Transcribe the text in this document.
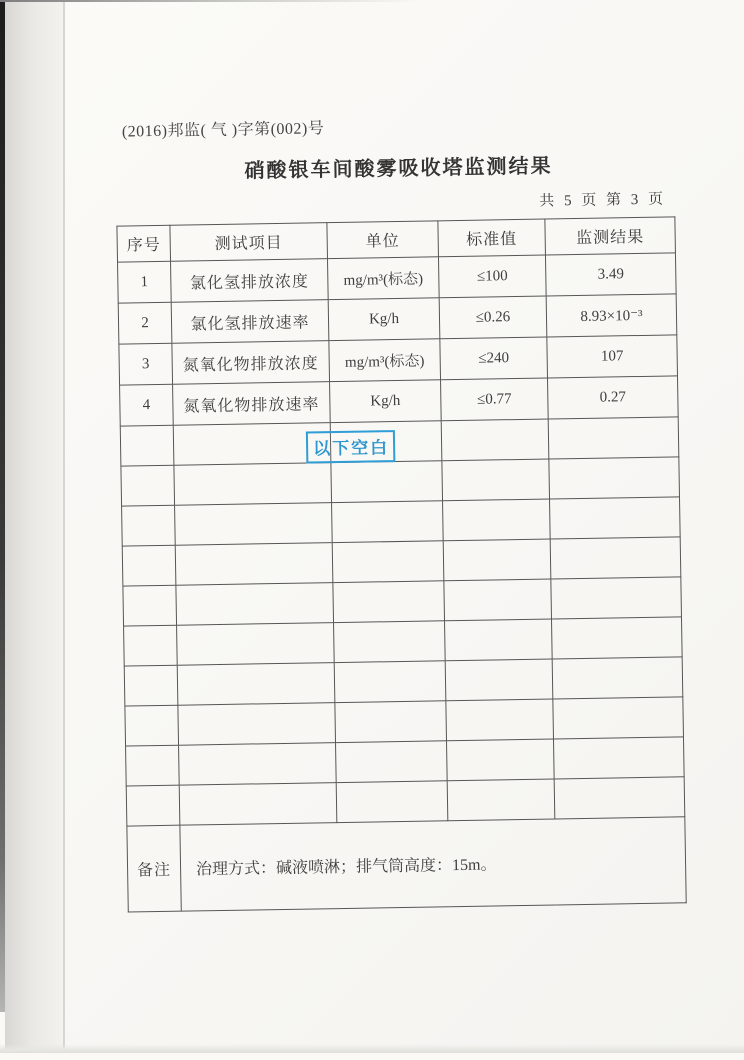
(2016)邦监( 气 )字第(002)号
硝酸银车间酸雾吸收塔监测结果
共 5 页 第 3 页
序号	测试项目	单位	标准值	监测结果
1	氯化氢排放浓度	mg/m³(标态)	≤100	3.49
2	氯化氢排放速率	Kg/h	≤0.26	8.93×10⁻³
3	氮氧化物排放浓度	mg/m³(标态)	≤240	107
4	氮氧化物排放速率	Kg/h	≤0.77	0.27

备注	治理方式：碱液喷淋；排气筒高度：15m。			
以下空白
